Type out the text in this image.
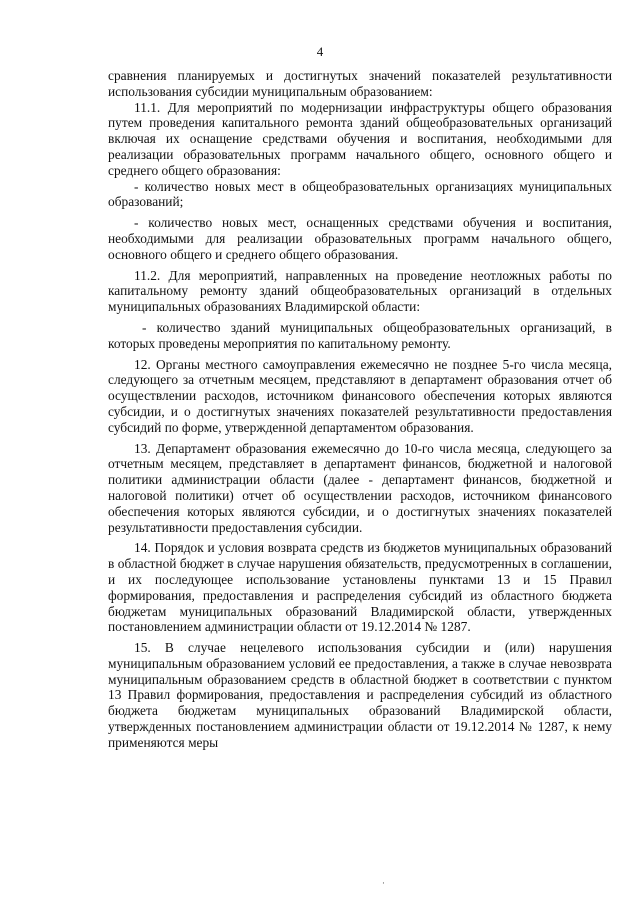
4

сравнения планируемых и достигнутых значений показателей результативности использования субсидии муниципальным образованием:

11.1. Для мероприятий по модернизации инфраструктуры общего образования путем проведения капитального ремонта зданий общеобразовательных организаций включая их оснащение средствами обучения и воспитания, необходимыми для реализации образовательных программ начального общего, основного общего и среднего общего образования:

- количество новых мест в общеобразовательных организациях муниципальных образований;

- количество новых мест, оснащенных средствами обучения и воспитания, необходимыми для реализации образовательных программ начального общего, основного общего и среднего общего образования.

11.2. Для мероприятий, направленных на проведение неотложных работы по капитальному ремонту зданий общеобразовательных организаций в отдельных муниципальных образованиях Владимирской области:

- количество зданий муниципальных общеобразовательных организаций, в которых проведены мероприятия по капитальному ремонту.

12. Органы местного самоуправления ежемесячно не позднее 5-го числа месяца, следующего за отчетным месяцем, представляют в департамент образования отчет об осуществлении расходов, источником финансового обеспечения которых являются субсидии, и о достигнутых значениях показателей результативности предоставления субсидий по форме, утвержденной департаментом образования.

13. Департамент образования ежемесячно до 10-го числа месяца, следующего за отчетным месяцем, представляет в департамент финансов, бюджетной и налоговой политики администрации области (далее - департамент финансов, бюджетной и налоговой политики) отчет об осуществлении расходов, источником финансового обеспечения которых являются субсидии, и о достигнутых значениях показателей результативности предоставления субсидии.

14. Порядок и условия возврата средств из бюджетов муниципальных образований в областной бюджет в случае нарушения обязательств, предусмотренных в соглашении, и их последующее использование установлены пунктами 13 и 15 Правил формирования, предоставления и распределения субсидий из областного бюджета бюджетам муниципальных образований Владимирской области, утвержденных постановлением администрации области от 19.12.2014 № 1287.

15. В случае нецелевого использования субсидии и (или) нарушения муниципальным образованием условий ее предоставления, а также в случае невозврата муниципальным образованием средств в областной бюджет в соответствии с пунктом 13 Правил формирования, предоставления и распределения субсидий из областного бюджета бюджетам муниципальных образований Владимирской области, утвержденных постановлением администрации области от 19.12.2014 № 1287, к нему применяются меры

·
